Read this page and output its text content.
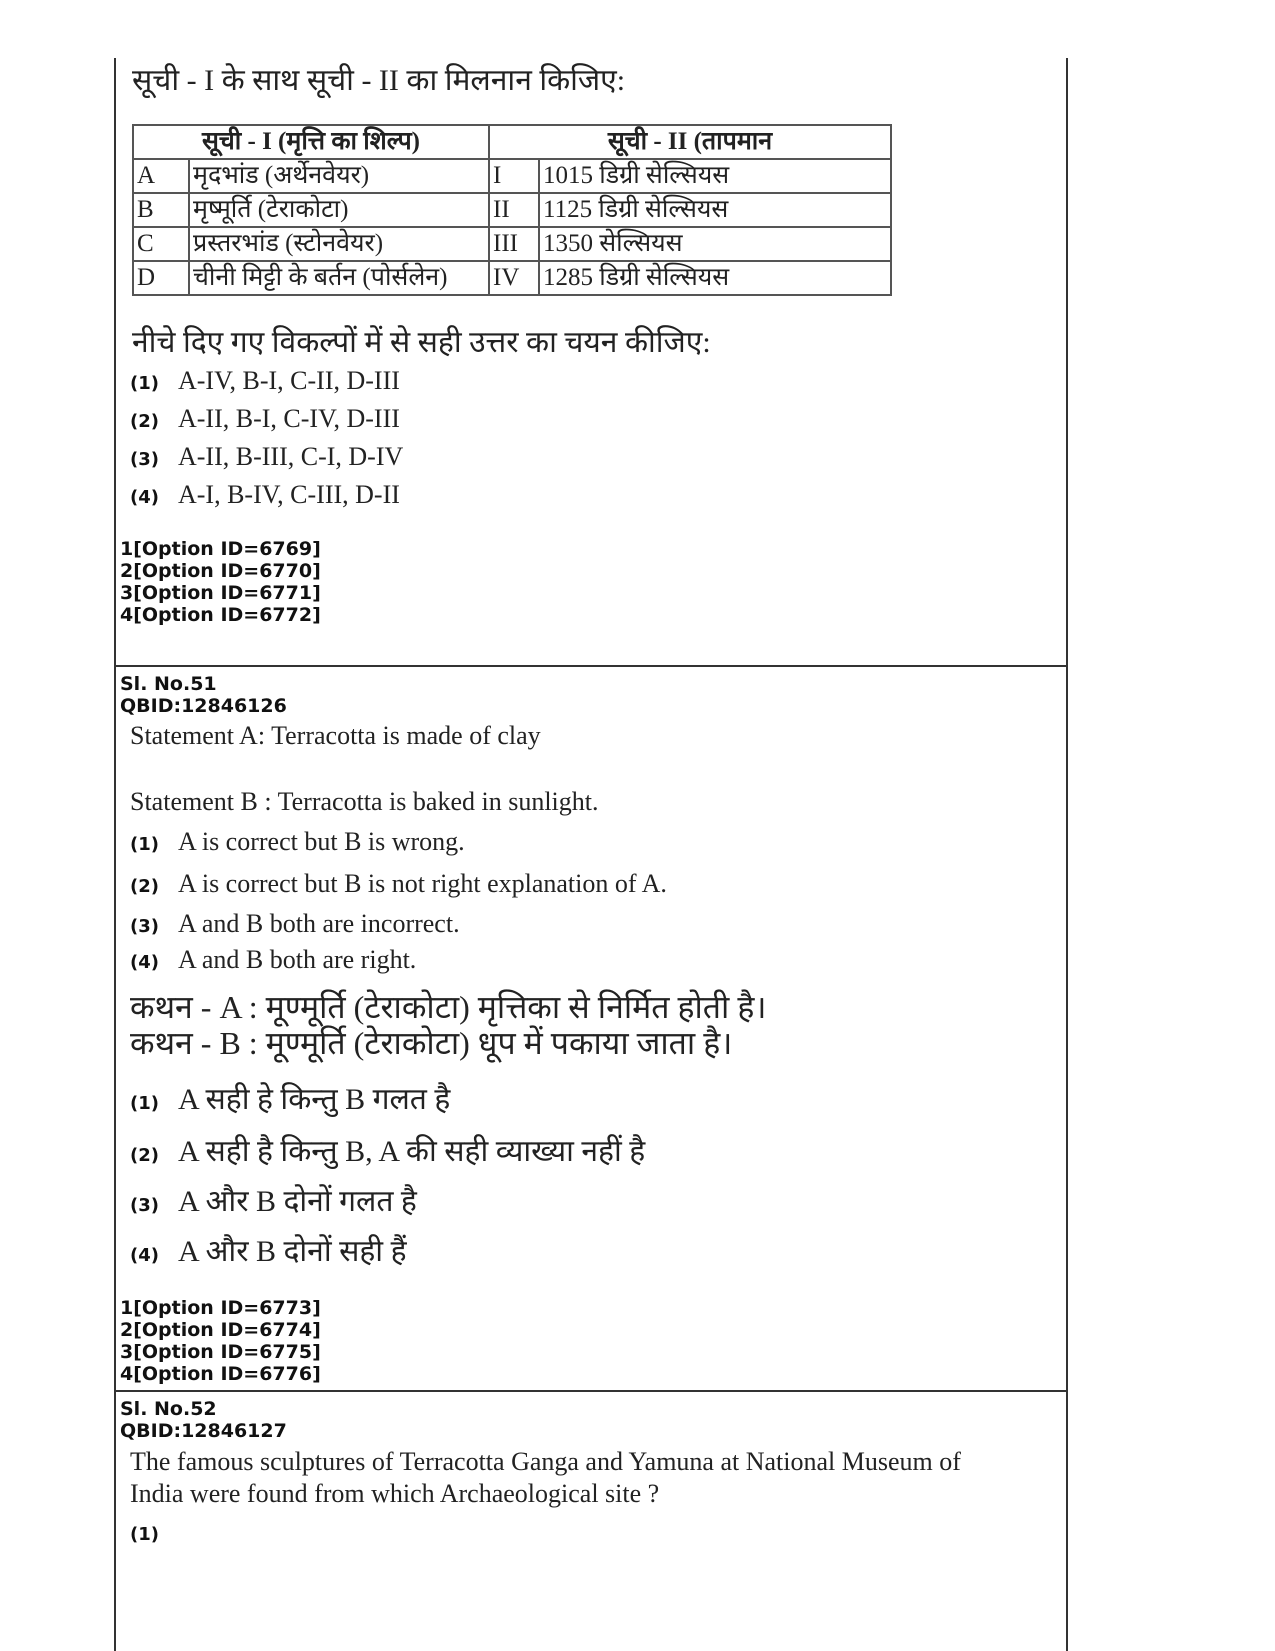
सूची - I के साथ सूची - II का मिलनान किजिए:
सूची - I (मृत्ति का शिल्प)		सूची - II (तापमान	
A	मृदभांड (अर्थेनवेयर)	I	1015 डिग्री सेल्सियस
B	मृष्मूर्ति (टेराकोटा)	II	1125 डिग्री सेल्सियस
C	प्रस्तरभांड (स्टोनवेयर)	III	1350 सेल्सियस
D	चीनी मिट्टी के बर्तन (पोर्सलेन)	IV	1285 डिग्री सेल्सियस
नीचे दिए गए विकल्पों में से सही उत्तर का चयन कीजिए:
(1) A-IV, B-I, C-II, D-III
(2) A-II, B-I, C-IV, D-III
(3) A-II, B-III, C-I, D-IV
(4) A-I, B-IV, C-III, D-II
1[Option ID=6769]
2[Option ID=6770]
3[Option ID=6771]
4[Option ID=6772]
Sl. No.51
QBID:12846126
Statement A: Terracotta is made of clay
Statement B : Terracotta is baked in sunlight.
(1) A is correct but B is wrong.
(2) A is correct but B is not right explanation of A.
(3) A and B both are incorrect.
(4) A and B both are right.
कथन - A : मूण्मूर्ति (टेराकोटा) मृत्तिका से निर्मित होती है।
कथन - B : मूण्मूर्ति (टेराकोटा) धूप में पकाया जाता है।
(1) A सही हे किन्तु B गलत है
(2) A सही है किन्तु B, A की सही व्याख्या नहीं है
(3) A और B दोनों गलत है
(4) A और B दोनों सही हैं
1[Option ID=6773]
2[Option ID=6774]
3[Option ID=6775]
4[Option ID=6776]
Sl. No.52
QBID:12846127
The famous sculptures of Terracotta Ganga and Yamuna at National Museum of
India were found from which Archaeological site ?
(1)
